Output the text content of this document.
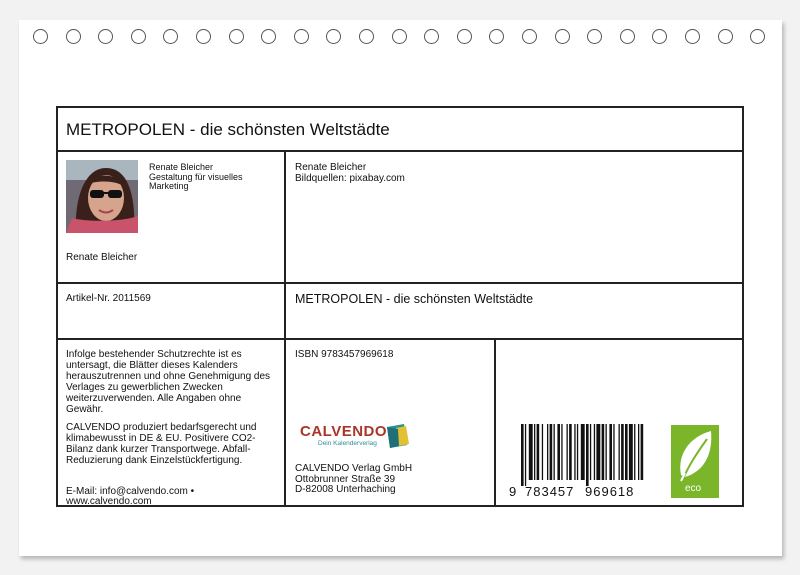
METROPOLEN - die schönsten Weltstädte
Renate Bleicher
Gestaltung für visuelles
Marketing
Renate Bleicher
Renate Bleicher
Bildquellen: pixabay.com
Artikel-Nr. 2011569	METROPOLEN - die schönsten Weltstädte
Infolge bestehender Schutzrechte ist es
untersagt, die Blätter dieses Kalenders
herauszutrennen und ohne Genehmigung des
Verlages zu gewerblichen Zwecken
weiterzuverwenden. Alle Angaben ohne
Gewähr.
CALVENDO produziert bedarfsgerecht und
klimabewusst in DE & EU. Positivere CO2-
Bilanz dank kurzer Transportwege. Abfall-
Reduzierung dank Einzelstückfertigung.
E-Mail: info@calvendo.com •
www.calvendo.com
ISBN 9783457969618
CALVENDO
Dein Kalenderverlag
CALVENDO Verlag GmbH
Ottobrunner Straße 39
D-82008 Unterhaching	9 783457 969618	eco
